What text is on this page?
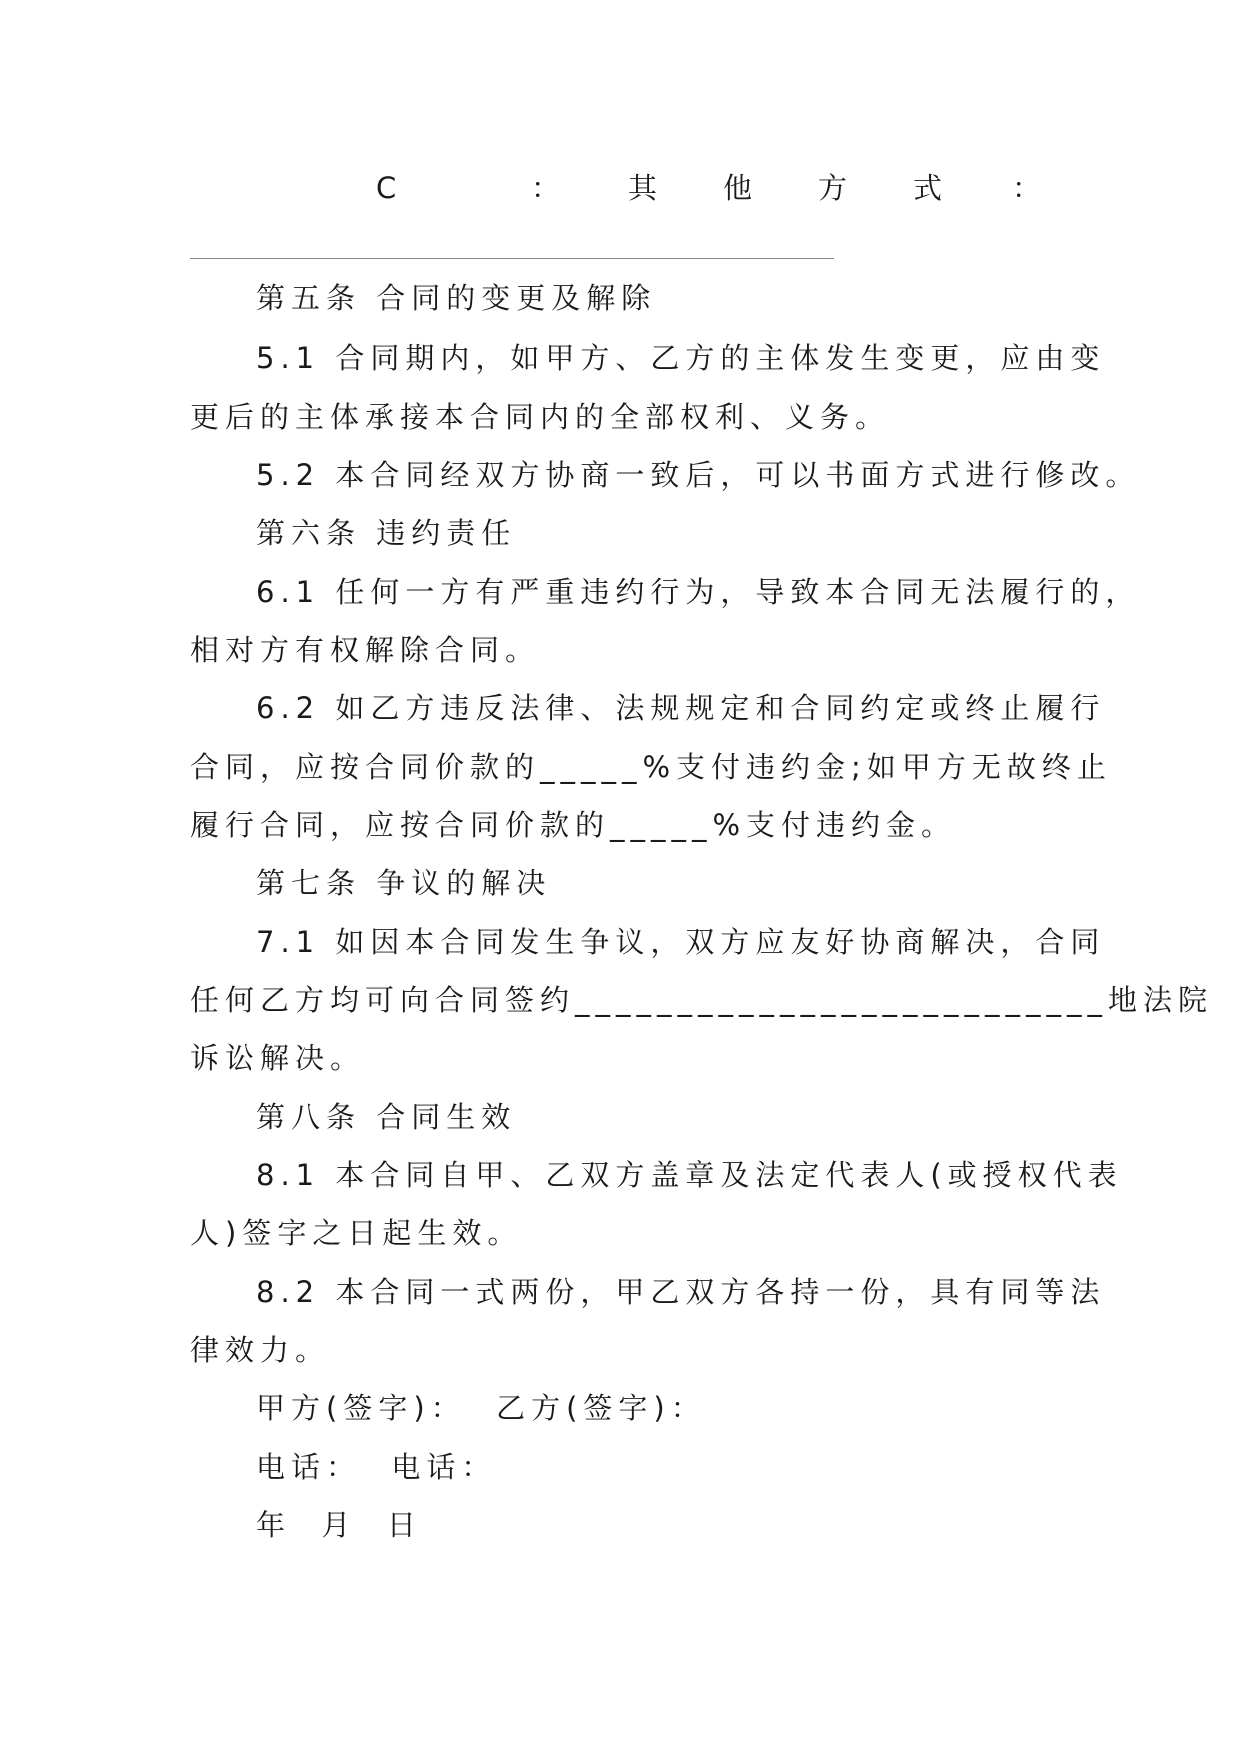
C	： 其 他 方 式 ：
第五条 合同的变更及解除
5.1 合同期内，如甲方、乙方的主体发生变更，应由变
更后的主体承接本合同内的全部权利、义务。
5.2 本合同经双方协商一致后，可以书面方式进行修改。
第六条 违约责任
6.1 任何一方有严重违约行为，导致本合同无法履行的，
相对方有权解除合同。
6.2 如乙方违反法律、法规规定和合同约定或终止履行
合同，应按合同价款的_____%支付违约金;如甲方无故终止
履行合同，应按合同价款的_____%支付违约金。
第七条 争议的解决
7.1 如因本合同发生争议，双方应友好协商解决，合同
任何乙方均可向合同签约__________________________地法院
诉讼解决。
第八条 合同生效
8.1 本合同自甲、乙双方盖章及法定代表人(或授权代表
人)签字之日起生效。
8.2 本合同一式两份，甲乙双方各持一份，具有同等法
律效力。
甲方(签字)：  乙方(签字)：
电话：  电话：
年  月  日
